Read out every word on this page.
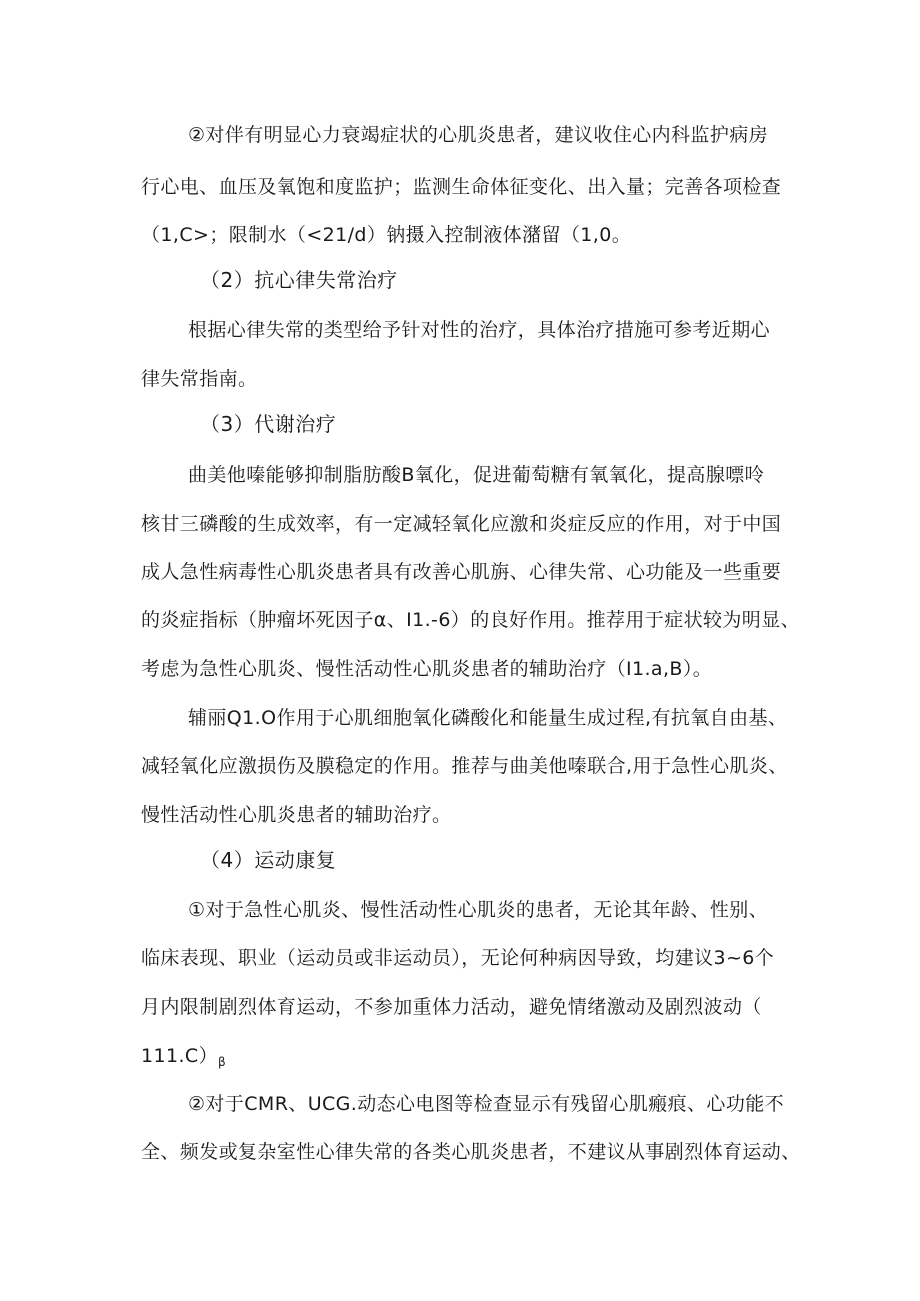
②对伴有明显心力衰竭症状的心肌炎患者，建议收住心内科监护病房
行心电、血压及氧饱和度监护；监测生命体征变化、出入量；完善各项检查
（1,C>；限制水（<21/d）钠摄入控制液体潴留（1,0。
（2）抗心律失常治疗
根据心律失常的类型给予针对性的治疗，具体治疗措施可参考近期心
律失常指南。
（3）代谢治疗
曲美他嗪能够抑制脂肪酸B氧化，促进葡萄糖有氧氧化，提高腺嘌呤
核甘三磷酸的生成效率，有一定减轻氧化应激和炎症反应的作用，对于中国
成人急性病毒性心肌炎患者具有改善心肌旃、心律失常、心功能及一些重要
的炎症指标（肿瘤坏死因子α、I1.-6）的良好作用。推荐用于症状较为明显、
考虑为急性心肌炎、慢性活动性心肌炎患者的辅助治疗（I1.a,B）。
辅丽Q1.O作用于心肌细胞氧化磷酸化和能量生成过程,有抗氧自由基、
减轻氧化应激损伤及膜稳定的作用。推荐与曲美他嗪联合,用于急性心肌炎、
慢性活动性心肌炎患者的辅助治疗。
（4）运动康复
①对于急性心肌炎、慢性活动性心肌炎的患者，无论其年龄、性别、
临床表现、职业（运动员或非运动员），无论何种病因导致，均建议3~6个
月内限制剧烈体育运动，不参加重体力活动，避免情绪激动及剧烈波动（
$111.C)_\beta$
②对于CMR、UCG.动态心电图等检查显示有残留心肌瘢痕、心功能不
全、频发或复杂室性心律失常的各类心肌炎患者，不建议从事剧烈体育运动、
